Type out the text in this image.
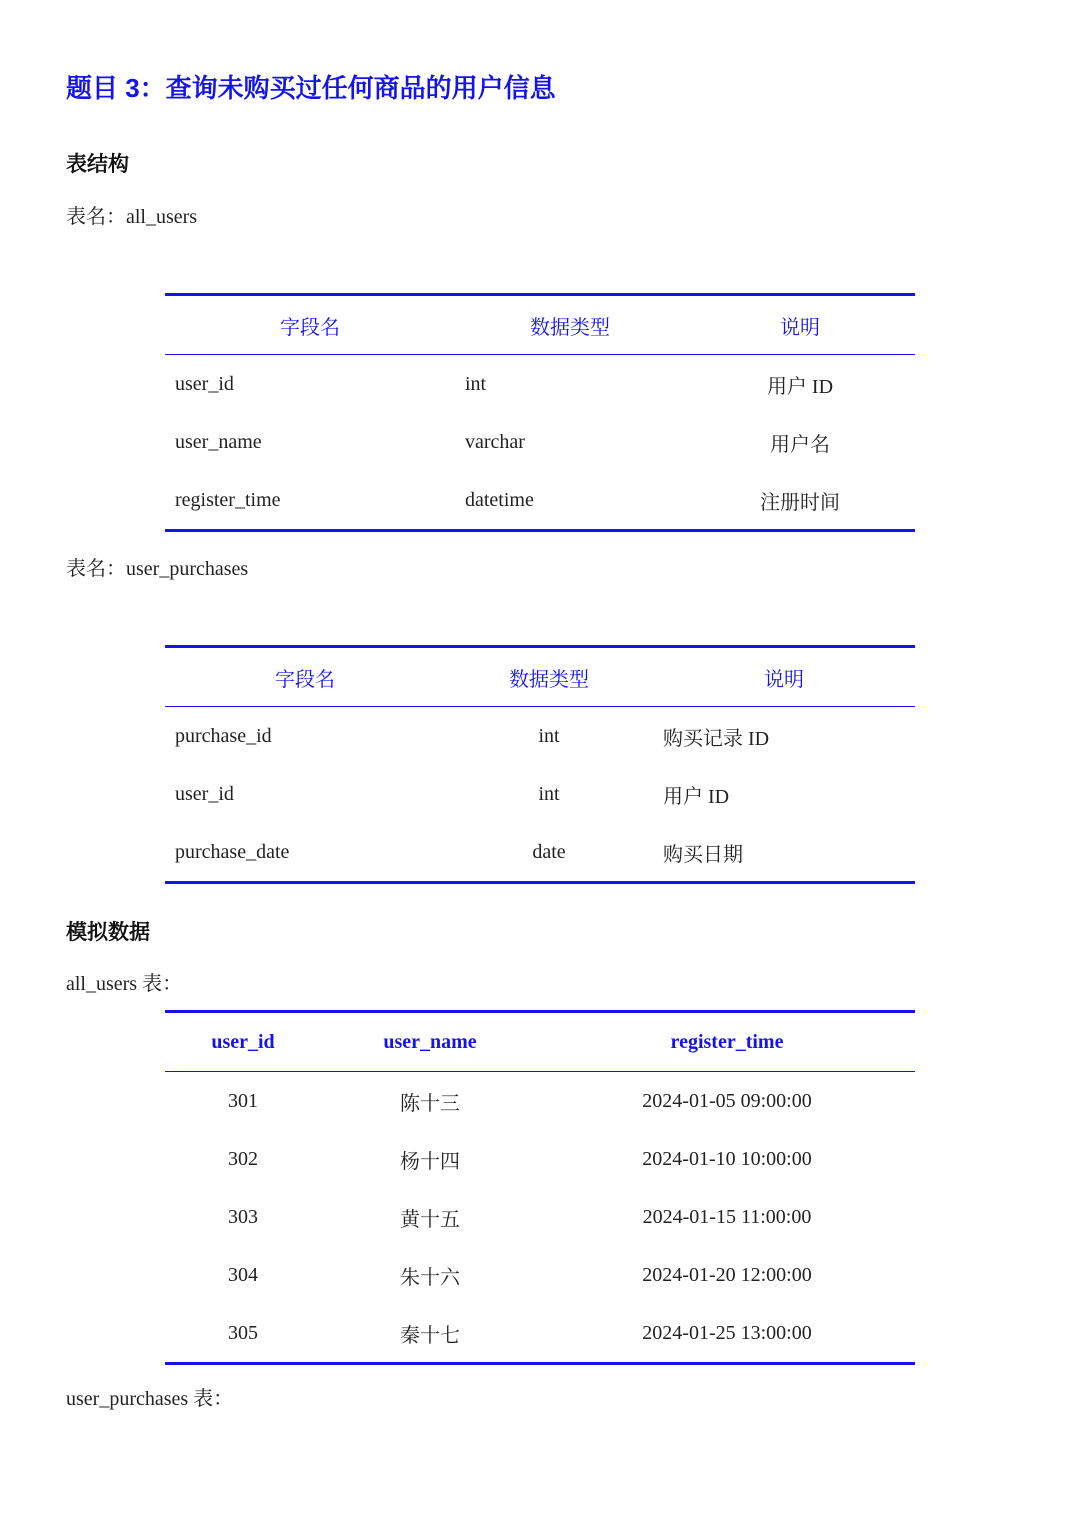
题目 3：查询未购买过任何商品的用户信息
表结构

表名：all_users

字段名	数据类型	说明
user_id	int	用户 ID
user_name	varchar	用户名
register_time	datetime	注册时间

表名：user_purchases

字段名	数据类型	说明
purchase_id	int	购买记录 ID
user_id	int	用户 ID
purchase_date	date	购买日期
模拟数据

all_users 表：

user_id	user_name	register_time
301	陈十三	2024-01-05 09:00:00
302	杨十四	2024-01-10 10:00:00
303	黄十五	2024-01-15 11:00:00
304	朱十六	2024-01-20 12:00:00
305	秦十七	2024-01-25 13:00:00

user_purchases 表：
